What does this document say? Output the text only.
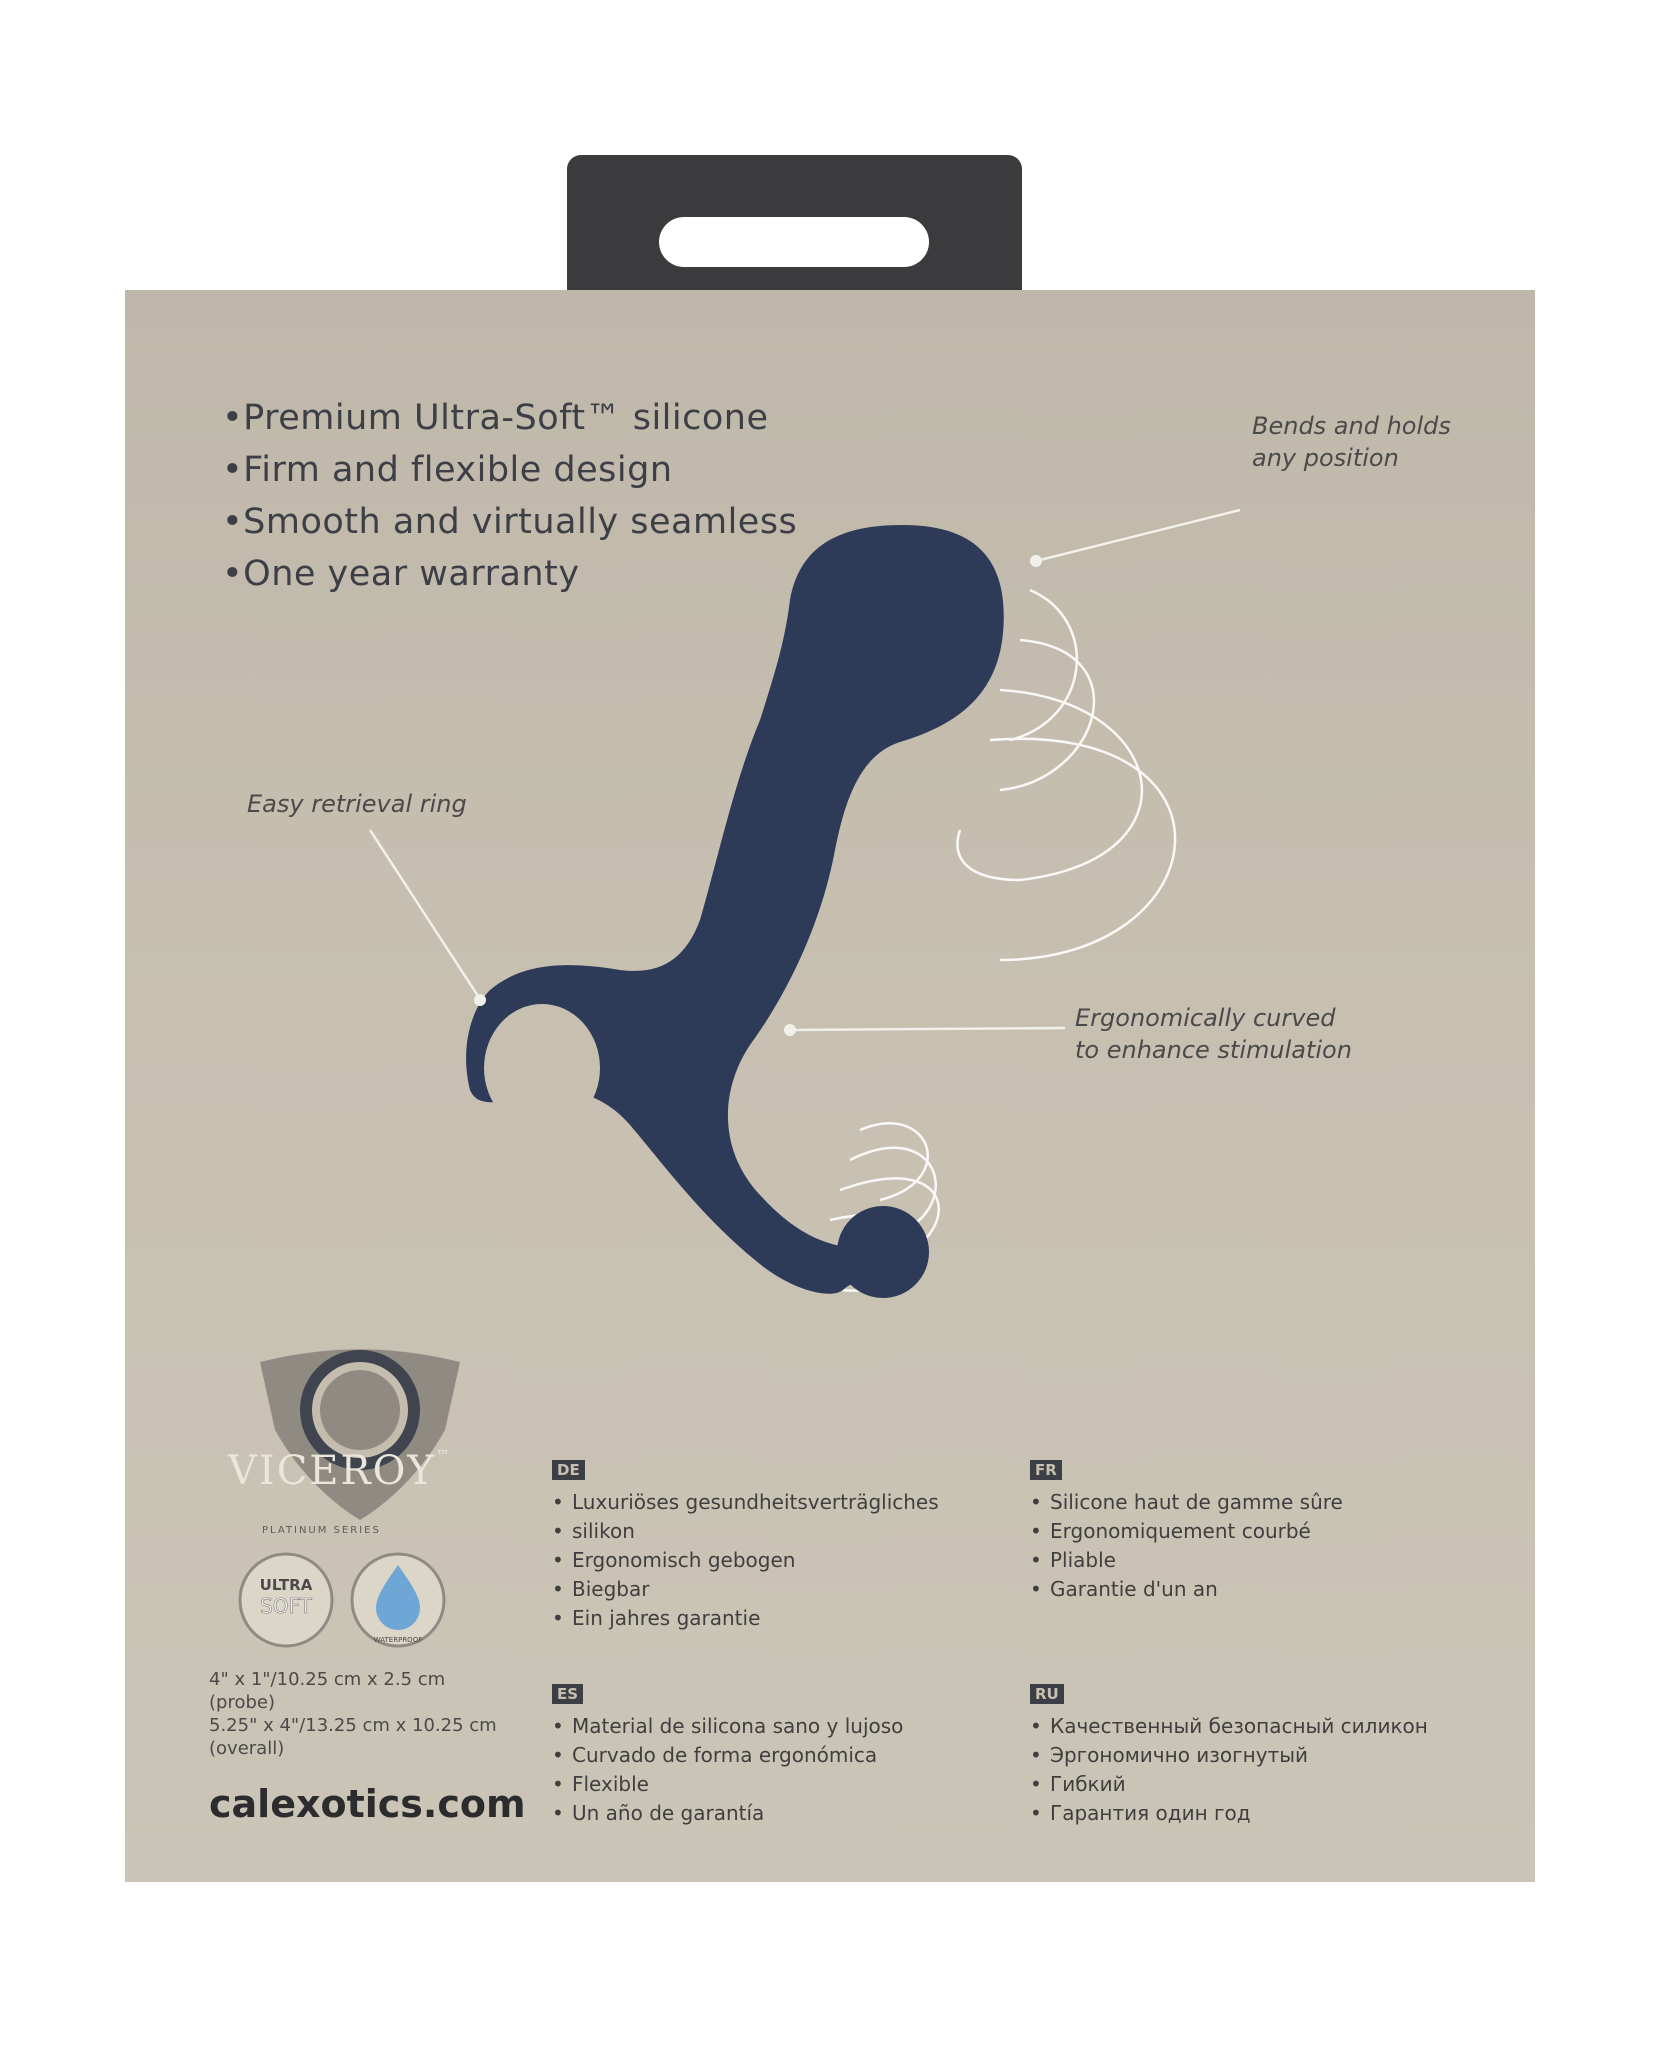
•Premium Ultra-Soft™ silicone
•Firm and flexible design
•Smooth and virtually seamless
•One year warranty
Bends and holds
any position
Easy retrieval ring
Ergonomically curved
to enhance stimulation
ULTRA
SOFT
WATERPROOF
VICEROY™
PLATINUM SERIES
4" x 1"/10.25 cm x 2.5 cm
(probe)
5.25" x 4"/13.25 cm x 10.25 cm
(overall)
calexotics.com
DE
• Luxuriöses gesundheitsverträgliches
• silikon
• Ergonomisch gebogen
• Biegbar
• Ein jahres garantie
FR
• Silicone haut de gamme sûre
• Ergonomiquement courbé
• Pliable
• Garantie d'un an
ES
• Material de silicona sano y lujoso
• Curvado de forma ergonómica
• Flexible
• Un año de garantía
RU
• Качественный безопасный силикон
• Эргономично изогнутый
• Гибкий
• Гарантия один год
